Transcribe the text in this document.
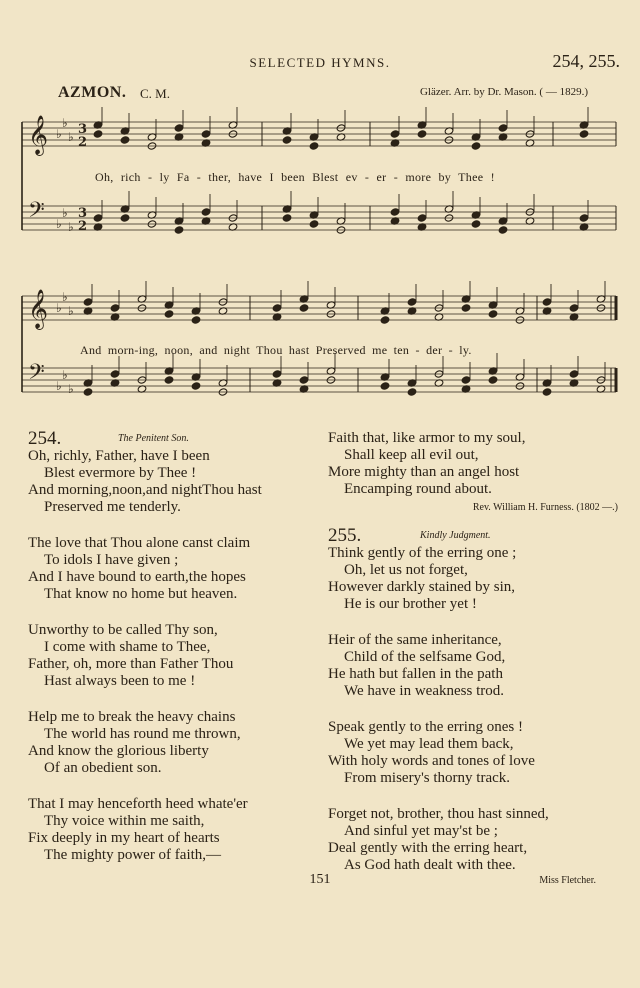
SELECTED HYMNS.	254, 255.
AZMON. C. M.	Gläzer. Arr. by Dr. Mason. ( — 1829.)
𝄞 ♭
♭
♭ 3
2
𝄢 ♭
♭
♭
3
2
𝄞 ♭
♭
♭
𝄢 ♭
♭
♭
Oh, rich - ly Fa - ther, have I been Blest ev - er - more by Thee !
And morn-ing, noon, and night Thou hast Preserved me ten - der - ly.
254.	The Penitent Son.
Oh, richly, Father, have I been
Blest evermore by Thee !
And morning,noon,and nightThou hast
Preserved me tenderly.
The love that Thou alone canst claim
To idols I have given ;
And I have bound to earth,the hopes
That know no home but heaven.
Unworthy to be called Thy son,
I come with shame to Thee,
Father, oh, more than Father Thou
Hast always been to me !
Help me to break the heavy chains
The world has round me thrown,
And know the glorious liberty
Of an obedient son.
That I may henceforth heed whate'er
Thy voice within me saith,
Fix deeply in my heart of hearts
The mighty power of faith,—
Faith that, like armor to my soul,
Shall keep all evil out,
More mighty than an angel host
Encamping round about.
Rev. William H. Furness. (1802 —.)
255.	Kindly Judgment.
Think gently of the erring one ;
Oh, let us not forget,
However darkly stained by sin,
He is our brother yet !
Heir of the same inheritance,
Child of the selfsame God,
He hath but fallen in the path
We have in weakness trod.
Speak gently to the erring ones !
We yet may lead them back,
With holy words and tones of love
From misery's thorny track.
Forget not, brother, thou hast sinned,
And sinful yet may'st be ;
Deal gently with the erring heart,
As God hath dealt with thee.
Miss Fletcher.
151
